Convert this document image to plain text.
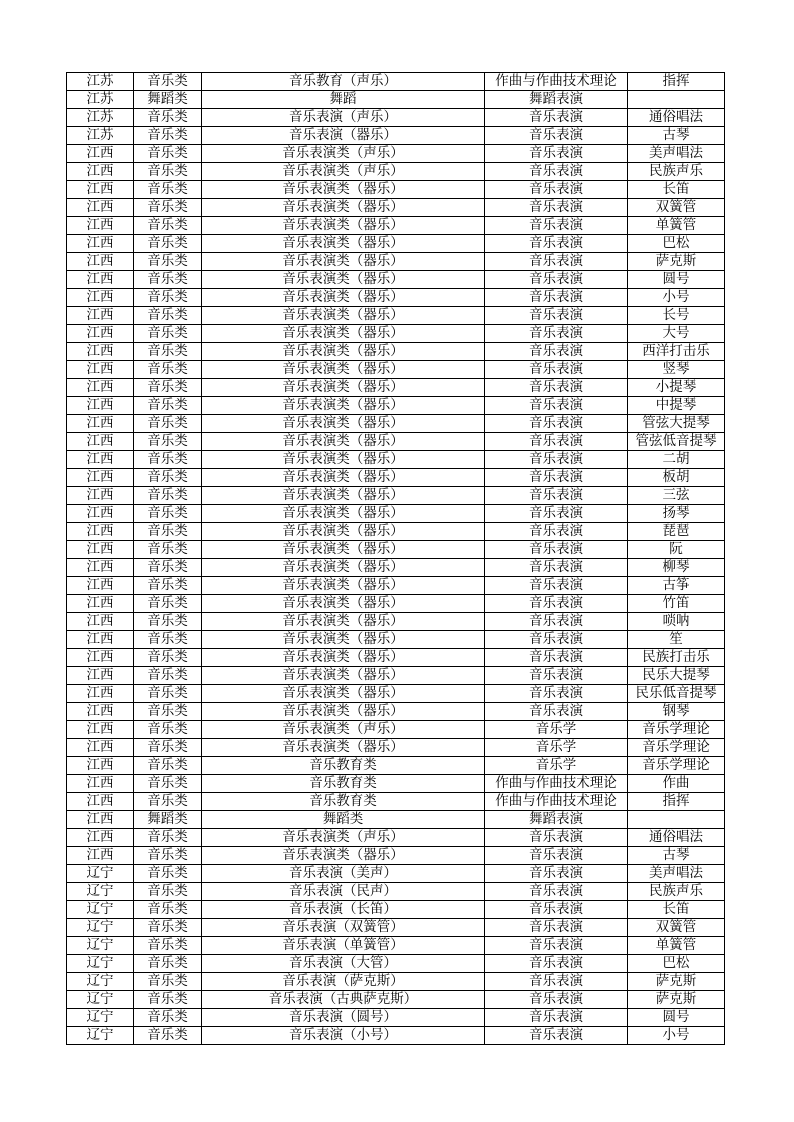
江苏	音乐类	音乐教育（声乐）	作曲与作曲技术理论	指挥
江苏	舞蹈类	舞蹈	舞蹈表演	
江苏	音乐类	音乐表演（声乐）	音乐表演	通俗唱法
江苏	音乐类	音乐表演（器乐）	音乐表演	古琴
江西	音乐类	音乐表演类（声乐）	音乐表演	美声唱法
江西	音乐类	音乐表演类（声乐）	音乐表演	民族声乐
江西	音乐类	音乐表演类（器乐）	音乐表演	长笛
江西	音乐类	音乐表演类（器乐）	音乐表演	双簧管
江西	音乐类	音乐表演类（器乐）	音乐表演	单簧管
江西	音乐类	音乐表演类（器乐）	音乐表演	巴松
江西	音乐类	音乐表演类（器乐）	音乐表演	萨克斯
江西	音乐类	音乐表演类（器乐）	音乐表演	圆号
江西	音乐类	音乐表演类（器乐）	音乐表演	小号
江西	音乐类	音乐表演类（器乐）	音乐表演	长号
江西	音乐类	音乐表演类（器乐）	音乐表演	大号
江西	音乐类	音乐表演类（器乐）	音乐表演	西洋打击乐
江西	音乐类	音乐表演类（器乐）	音乐表演	竖琴
江西	音乐类	音乐表演类（器乐）	音乐表演	小提琴
江西	音乐类	音乐表演类（器乐）	音乐表演	中提琴
江西	音乐类	音乐表演类（器乐）	音乐表演	管弦大提琴
江西	音乐类	音乐表演类（器乐）	音乐表演	管弦低音提琴
江西	音乐类	音乐表演类（器乐）	音乐表演	二胡
江西	音乐类	音乐表演类（器乐）	音乐表演	板胡
江西	音乐类	音乐表演类（器乐）	音乐表演	三弦
江西	音乐类	音乐表演类（器乐）	音乐表演	扬琴
江西	音乐类	音乐表演类（器乐）	音乐表演	琵琶
江西	音乐类	音乐表演类（器乐）	音乐表演	阮
江西	音乐类	音乐表演类（器乐）	音乐表演	柳琴
江西	音乐类	音乐表演类（器乐）	音乐表演	古筝
江西	音乐类	音乐表演类（器乐）	音乐表演	竹笛
江西	音乐类	音乐表演类（器乐）	音乐表演	唢呐
江西	音乐类	音乐表演类（器乐）	音乐表演	笙
江西	音乐类	音乐表演类（器乐）	音乐表演	民族打击乐
江西	音乐类	音乐表演类（器乐）	音乐表演	民乐大提琴
江西	音乐类	音乐表演类（器乐）	音乐表演	民乐低音提琴
江西	音乐类	音乐表演类（器乐）	音乐表演	钢琴
江西	音乐类	音乐表演类（声乐）	音乐学	音乐学理论
江西	音乐类	音乐表演类（器乐）	音乐学	音乐学理论
江西	音乐类	音乐教育类	音乐学	音乐学理论
江西	音乐类	音乐教育类	作曲与作曲技术理论	作曲
江西	音乐类	音乐教育类	作曲与作曲技术理论	指挥
江西	舞蹈类	舞蹈类	舞蹈表演	
江西	音乐类	音乐表演类（声乐）	音乐表演	通俗唱法
江西	音乐类	音乐表演类（器乐）	音乐表演	古琴
辽宁	音乐类	音乐表演（美声）	音乐表演	美声唱法
辽宁	音乐类	音乐表演（民声）	音乐表演	民族声乐
辽宁	音乐类	音乐表演（长笛）	音乐表演	长笛
辽宁	音乐类	音乐表演（双簧管）	音乐表演	双簧管
辽宁	音乐类	音乐表演（单簧管）	音乐表演	单簧管
辽宁	音乐类	音乐表演（大管）	音乐表演	巴松
辽宁	音乐类	音乐表演（萨克斯）	音乐表演	萨克斯
辽宁	音乐类	音乐表演（古典萨克斯）	音乐表演	萨克斯
辽宁	音乐类	音乐表演（圆号）	音乐表演	圆号
辽宁	音乐类	音乐表演（小号）	音乐表演	小号
